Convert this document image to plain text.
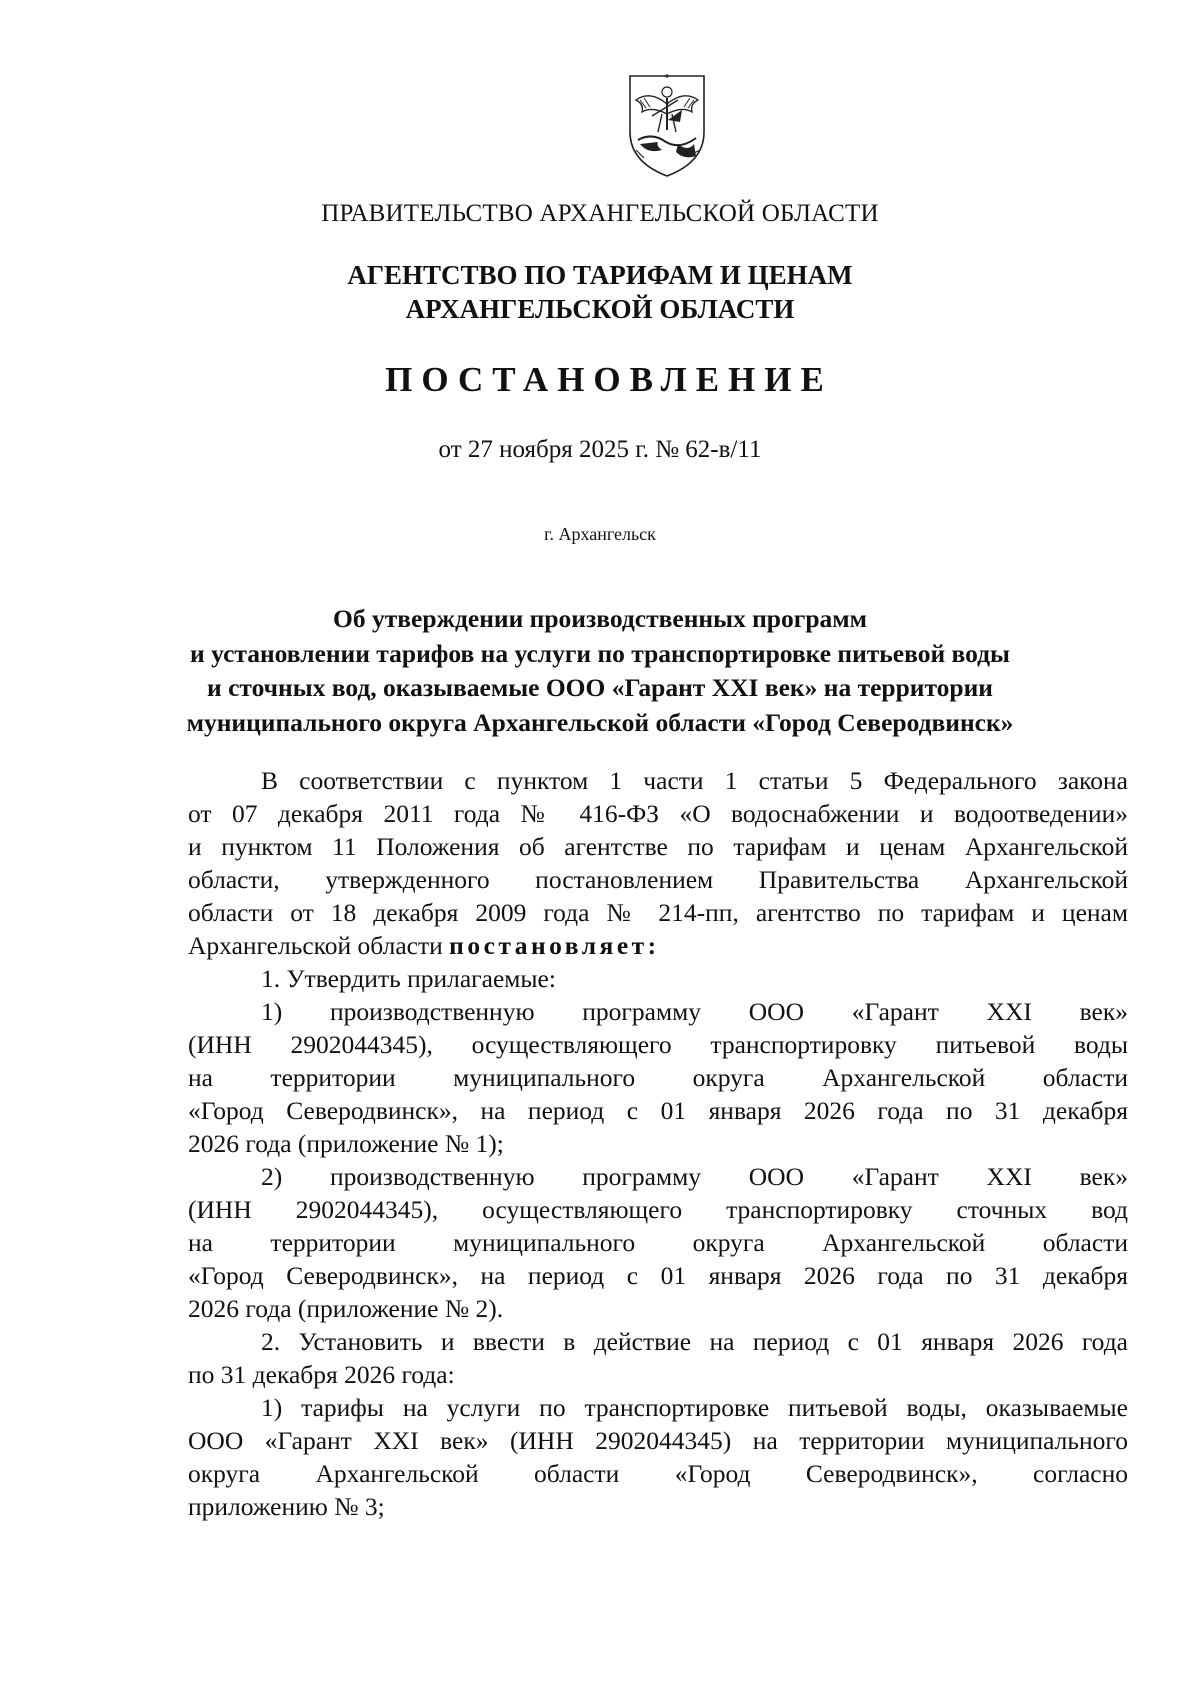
ПРАВИТЕЛЬСТВО АРХАНГЕЛЬСКОЙ ОБЛАСТИ
АГЕНТСТВО ПО ТАРИФАМ И ЦЕНАМ
АРХАНГЕЛЬСКОЙ ОБЛАСТИ
ПОСТАНОВЛЕНИЕ
от 27 ноября 2025 г. № 62-в/11
г. Архангельск
Об утверждении производственных программ
и установлении тарифов на услуги по транспортировке питьевой воды
и сточных вод, оказываемые ООО «Гарант XXI век» на территории
муниципального округа Архангельской области «Город Северодвинск»
В соответствии с пунктом 1 части 1 статьи 5 Федерального закона
от 07 декабря 2011 года № 416-ФЗ «О водоснабжении и водоотведении»
и пунктом 11 Положения об агентстве по тарифам и ценам Архангельской
области, утвержденного постановлением Правительства Архангельской
области от 18 декабря 2009 года № 214-пп, агентство по тарифам и ценам
Архангельской области постановляет:
1. Утвердить прилагаемые:
1) производственную программу ООО «Гарант XXI век»
(ИНН 2902044345), осуществляющего транспортировку питьевой воды
на территории муниципального округа Архангельской области
«Город Северодвинск», на период с 01 января 2026 года по 31 декабря
2026 года (приложение № 1);
2) производственную программу ООО «Гарант XXI век»
(ИНН 2902044345), осуществляющего транспортировку сточных вод
на территории муниципального округа Архангельской области
«Город Северодвинск», на период с 01 января 2026 года по 31 декабря
2026 года (приложение № 2).
2. Установить и ввести в действие на период с 01 января 2026 года
по 31 декабря 2026 года:
1) тарифы на услуги по транспортировке питьевой воды, оказываемые
ООО «Гарант XXI век» (ИНН 2902044345) на территории муниципального
округа Архангельской области «Город Северодвинск», согласно
приложению № 3;
